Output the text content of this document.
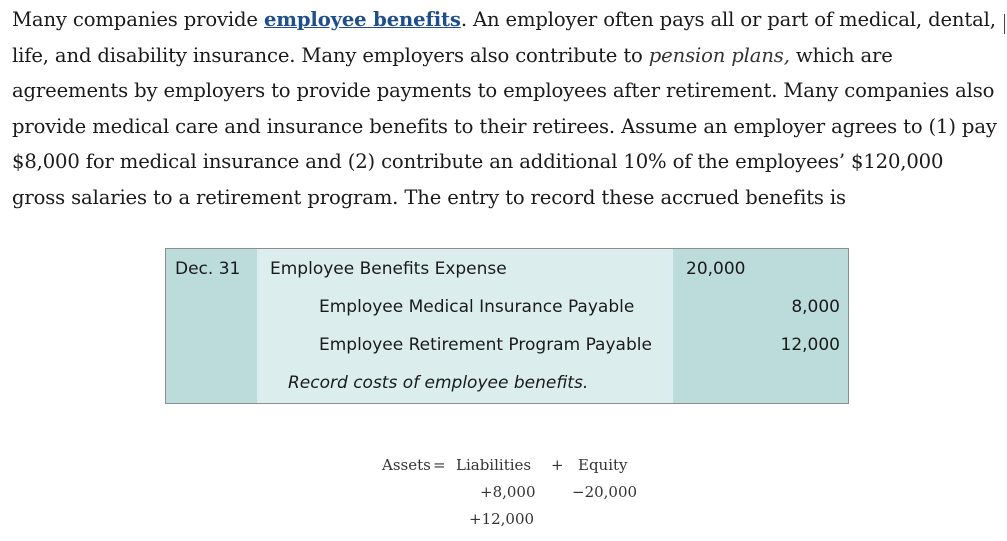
Many companies provide employee benefits. An employer often pays all or part of medical, dental, life, and disability insurance. Many employers also contribute to pension plans, which are agreements by employers to provide payments to employees after retirement. Many companies also provide medical care and insurance benefits to their retirees. Assume an employer agrees to (1) pay $8,000 for medical insurance and (2) contribute an additional 10% of the employees’ $120,000 gross salaries to a retirement program. The entry to record these accrued benefits is

Dec. 31 Employee Benefits Expense
Employee Medical Insurance Payable
Employee Retirement Program Payable
Record costs of employee benefits.
20,000
8,000
12,000
Assets = Liabilities + Equity
+8,000
+12,000
−20,000
